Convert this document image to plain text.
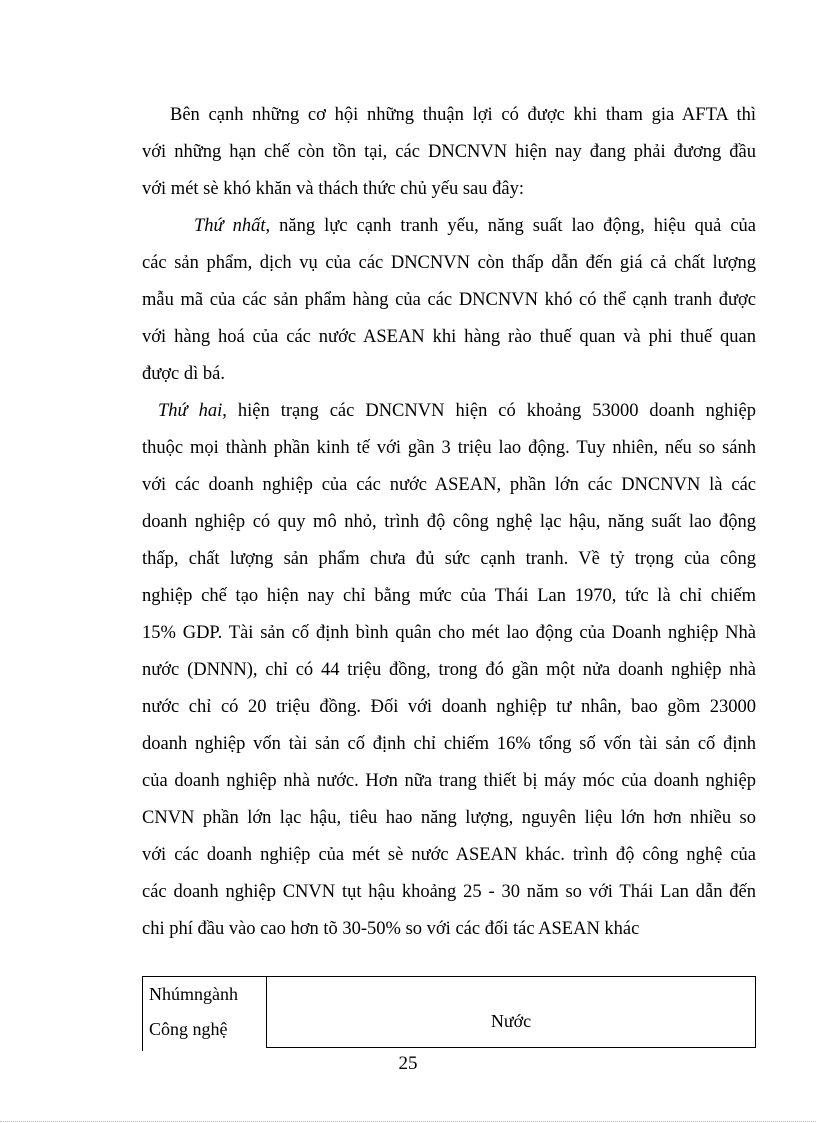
Bên cạnh những cơ hội những thuận lợi có được khi tham gia AFTA thì
với những hạn chế còn tồn tại, các DNCNVN hiện nay đang phải đương đầu
với mét sè khó khăn và thách thức chủ yếu sau đây:
Thứ nhất, năng lực cạnh tranh yếu, năng suất lao động, hiệu quả của
các sản phẩm, dịch vụ của các DNCNVN còn thấp dẫn đến giá cả chất lượng
mẫu mã của các sản phẩm hàng của các DNCNVN khó có thể cạnh tranh được
với hàng hoá của các nước ASEAN khi hàng rào thuế quan và phi thuế quan
được dì bá.
Thứ hai, hiện trạng các DNCNVN hiện có khoảng 53000 doanh nghiệp
thuộc mọi thành phần kinh tế với gần 3 triệu lao động. Tuy nhiên, nếu so sánh
với các doanh nghiệp của các nước ASEAN, phần lớn các DNCNVN là các
doanh nghiệp có quy mô nhỏ, trình độ công nghệ lạc hậu, năng suất lao động
thấp, chất lượng sản phẩm chưa đủ sức cạnh tranh. Về tỷ trọng của công
nghiệp chế tạo hiện nay chỉ bằng mức của Thái Lan 1970, tức là chỉ chiếm
15% GDP. Tài sản cố định bình quân cho mét lao động của Doanh nghiệp Nhà
nước (DNNN), chỉ có 44 triệu đồng, trong đó gần một nửa doanh nghiệp nhà
nước chỉ có 20 triệu đồng. Đối với doanh nghiệp tư nhân, bao gồm 23000
doanh nghiệp vốn tài sản cố định chỉ chiếm 16% tổng số vốn tài sản cố định
của doanh nghiệp nhà nước. Hơn nữa trang thiết bị máy móc của doanh nghiệp
CNVN phần lớn lạc hậu, tiêu hao năng lượng, nguyên liệu lớn hơn nhiều so
với các doanh nghiệp của mét sè nước ASEAN khác. trình độ công nghệ của
các doanh nghiệp CNVN tụt hậu khoảng 25 - 30 năm so với Thái Lan dẫn đến
chi phí đầu vào cao hơn tõ 30-50% so với các đối tác ASEAN khác
Nhúmngành
Công nghệ	Nước
25
